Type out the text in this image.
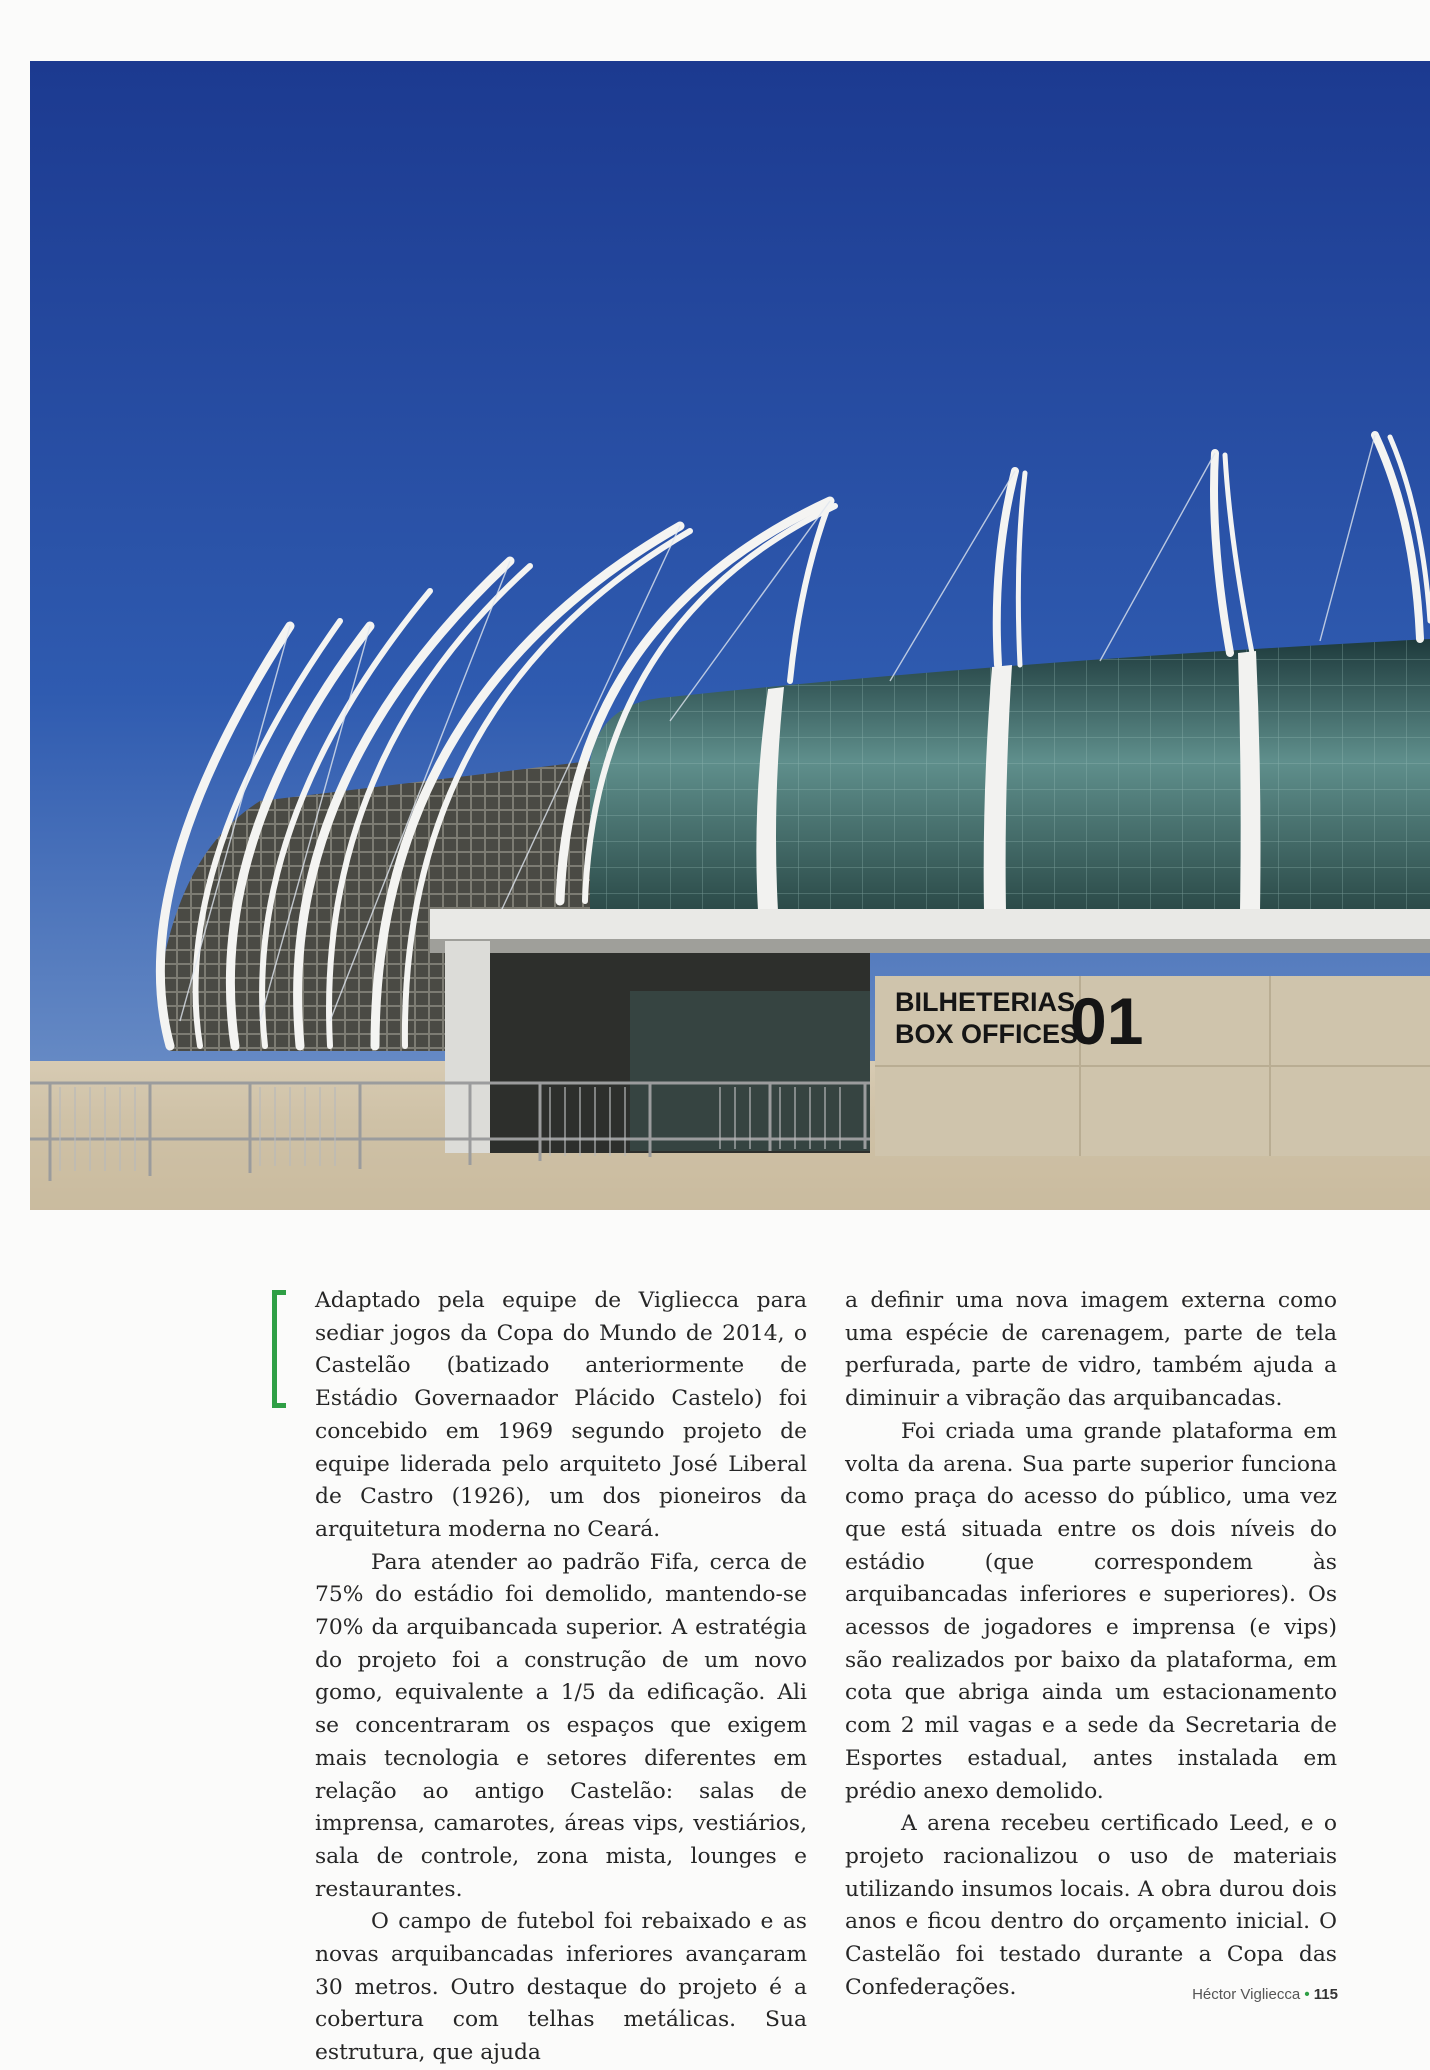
BILHETERIAS
BOX OFFICES
01

Adaptado pela equipe de Vigliecca para sediar jogos da Copa do Mundo de 2014, o Castelão (batizado anteriormente de Estádio Governaador Plácido Castelo) foi concebido em 1969 segundo projeto de equipe liderada pelo arquiteto José Liberal de Castro (1926), um dos pioneiros da arquitetura moderna no Ceará.

Para atender ao padrão Fifa, cerca de 75% do estádio foi demolido, mantendo-se 70% da arquibancada superior. A estratégia do projeto foi a construção de um novo gomo, equivalente a 1/5 da edificação. Ali se concentraram os espaços que exigem mais tecnologia e setores diferentes em relação ao antigo Castelão: salas de imprensa, camarotes, áreas vips, vestiários, sala de controle, zona mista, lounges e restaurantes.

O campo de futebol foi rebaixado e as novas arquibancadas inferiores avançaram 30 metros. Outro destaque do projeto é a cobertura com telhas metálicas. Sua estrutura, que ajuda

a definir uma nova imagem externa como uma espécie de carenagem, parte de tela perfurada, parte de vidro, também ajuda a diminuir a vibração das arquibancadas.

Foi criada uma grande plataforma em volta da arena. Sua parte superior funciona como praça do acesso do público, uma vez que está situada entre os dois níveis do estádio (que correspondem às arquibancadas inferiores e superiores). Os acessos de jogadores e imprensa (e vips) são realizados por baixo da plataforma, em cota que abriga ainda um estacionamento com 2 mil vagas e a sede da Secretaria de Esportes estadual, antes instalada em prédio anexo demolido.

A arena recebeu certificado Leed, e o projeto racionalizou o uso de materiais utilizando insumos locais. A obra durou dois anos e ficou dentro do orçamento inicial. O Castelão foi testado durante a Copa das Confederações.	Héctor Vigliecca • 115
